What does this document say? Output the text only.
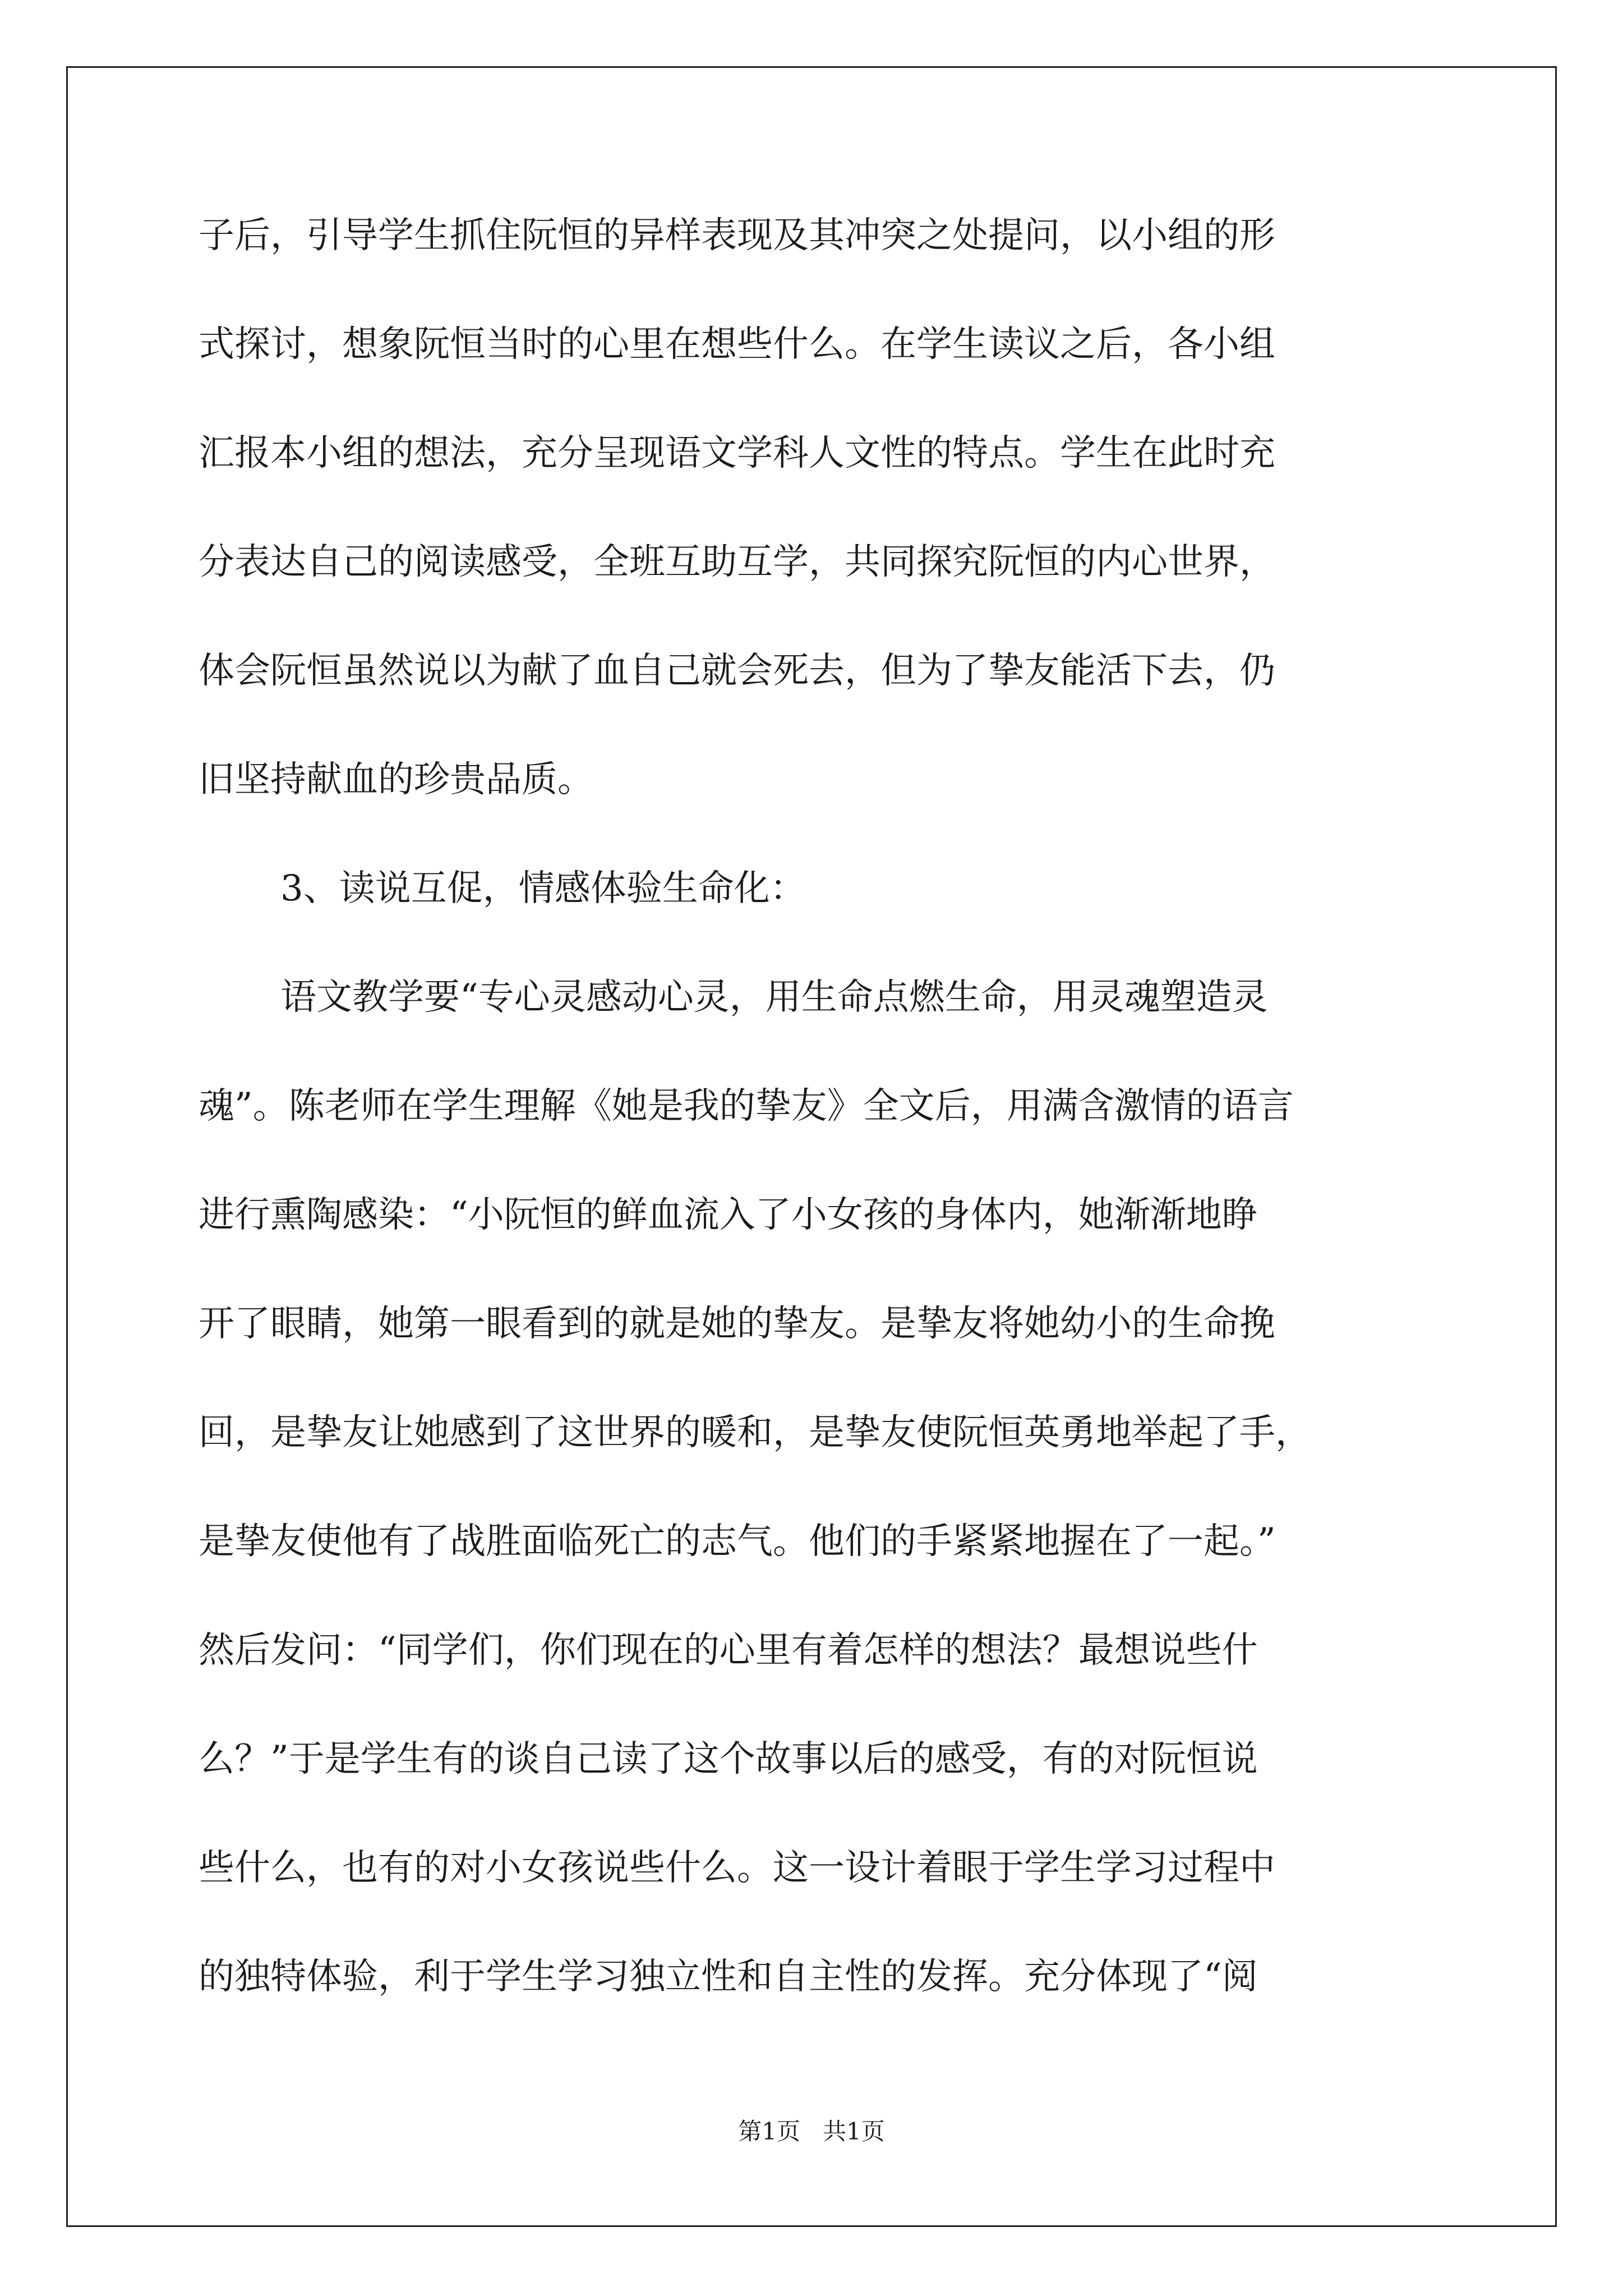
子后，引导学生抓住阮恒的异样表现及其冲突之处提问，以小组的形
式探讨，想象阮恒当时的心里在想些什么。在学生读议之后，各小组
汇报本小组的想法，充分呈现语文学科人文性的特点。学生在此时充
分表达自己的阅读感受，全班互助互学，共同探究阮恒的内心世界，
体会阮恒虽然说以为献了血自己就会死去，但为了挚友能活下去，仍
旧坚持献血的珍贵品质。
3、读说互促，情感体验生命化：
语文教学要“专心灵感动心灵，用生命点燃生命，用灵魂塑造灵
魂”。陈老师在学生理解《她是我的挚友》全文后，用满含激情的语言
进行熏陶感染：“小阮恒的鲜血流入了小女孩的身体内，她渐渐地睁
开了眼睛，她第一眼看到的就是她的挚友。是挚友将她幼小的生命挽
回，是挚友让她感到了这世界的暖和，是挚友使阮恒英勇地举起了手，
是挚友使他有了战胜面临死亡的志气。他们的手紧紧地握在了一起。”
然后发问：“同学们，你们现在的心里有着怎样的想法？最想说些什
么？”于是学生有的谈自己读了这个故事以后的感受，有的对阮恒说
些什么，也有的对小女孩说些什么。这一设计着眼于学生学习过程中
的独特体验，利于学生学习独立性和自主性的发挥。充分体现了“阅
第1页   共1页
